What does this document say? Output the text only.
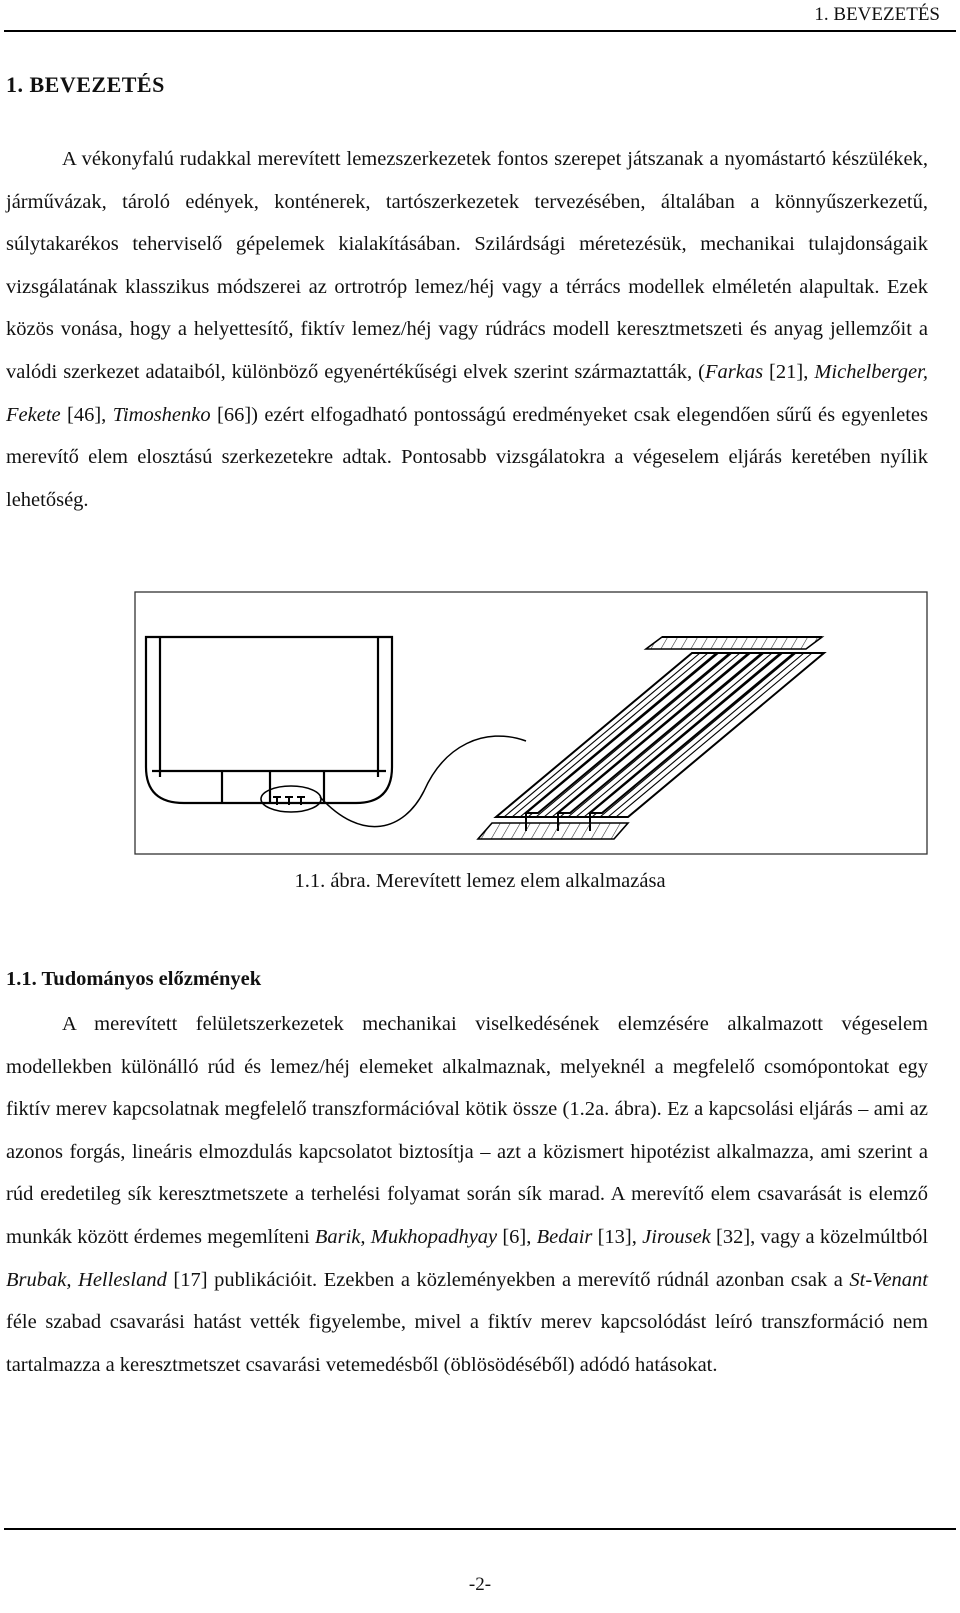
1. BEVEZETÉS
1. BEVEZETÉS

A vékonyfalú rudakkal merevített lemezszerkezetek fontos szerepet játszanak a nyomástartó készülékek, járművázak, tároló edények, konténerek, tartószerkezetek tervezésében, általában a könnyűszerkezetű, súlytakarékos teherviselő gépelemek kialakításában. Szilárdsági méretezésük, mechanikai tulajdonságaik vizsgálatának klasszikus módszerei az ortrotróp lemez/héj vagy a térrács modellek elméletén alapultak. Ezek közös vonása, hogy a helyettesítő, fiktív lemez/héj vagy rúdrács modell keresztmetszeti és anyag jellemzőit a valódi szerkezet adataiból, különböző egyenértékűségi elvek szerint származtatták, (Farkas [21], Michelberger, Fekete [46], Timoshenko [66]) ezért elfogadható pontosságú eredményeket csak elegendően sűrű és egyenletes merevítő elem elosztású szerkezetekre adtak. Pontosabb vizsgálatokra a végeselem eljárás keretében nyílik lehetőség.

1.1. ábra. Merevített lemez elem alkalmazása
1.1. Tudományos előzmények

A merevített felületszerkezetek mechanikai viselkedésének elemzésére alkalmazott végeselem modellekben különálló rúd és lemez/héj elemeket alkalmaznak, melyeknél a megfelelő csomópontokat egy fiktív merev kapcsolatnak megfelelő transzformációval kötik össze (1.2a. ábra). Ez a kapcsolási eljárás – ami az azonos forgás, lineáris elmozdulás kapcsolatot biztosítja – azt a közismert hipotézist alkalmazza, ami szerint a rúd eredetileg sík keresztmetszete a terhelési folyamat során sík marad. A merevítő elem csavarását is elemző munkák között érdemes megemlíteni Barik, Mukhopadhyay [6], Bedair [13], Jirousek [32], vagy a közelmúltból Brubak, Hellesland [17] publikációit. Ezekben a közleményekben a merevítő rúdnál azonban csak a St-Venant féle szabad csavarási hatást vették figyelembe, mivel a fiktív merev kapcsolódást leíró transzformáció nem tartalmazza a keresztmetszet csavarási vetemedésből (öblösödéséből) adódó hatásokat.

-2-
